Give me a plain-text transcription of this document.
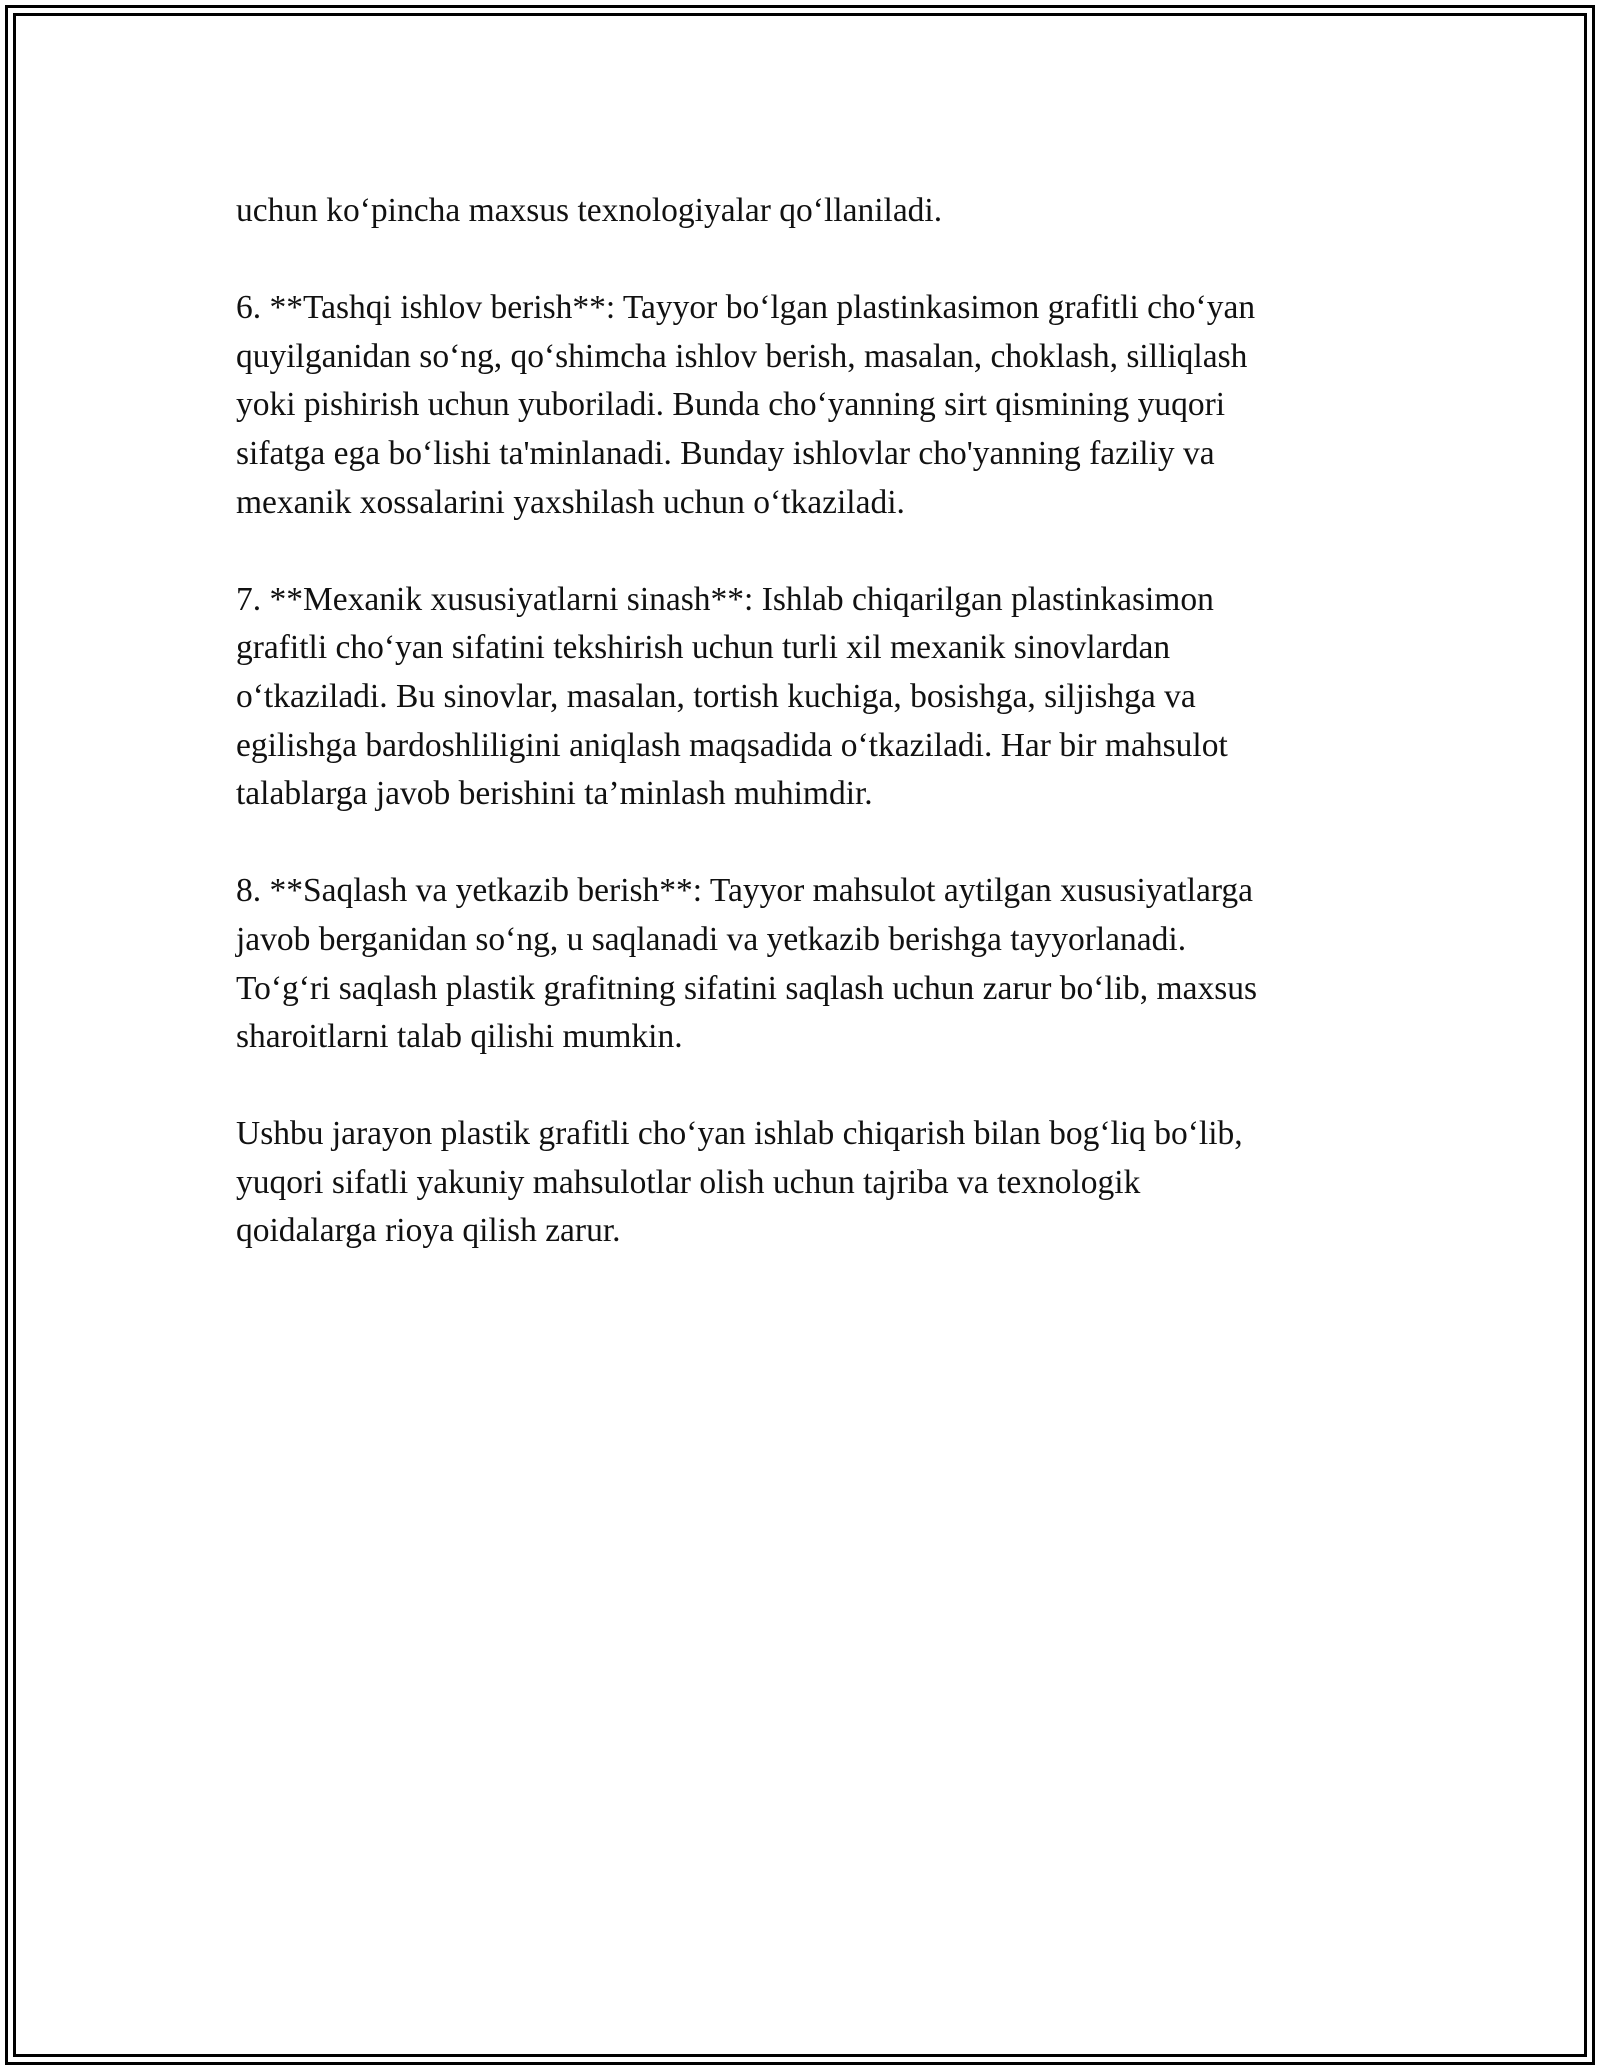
uchun ko‘pincha maxsus texnologiyalar qo‘llaniladi.

6. **Tashqi ishlov berish**: Tayyor bo‘lgan plastinkasimon grafitli cho‘yan
quyilganidan so‘ng, qo‘shimcha ishlov berish, masalan, choklash, silliqlash
yoki pishirish uchun yuboriladi. Bunda cho‘yanning sirt qismining yuqori
sifatga ega bo‘lishi ta'minlanadi. Bunday ishlovlar cho'yanning faziliy va
mexanik xossalarini yaxshilash uchun o‘tkaziladi.

7. **Mexanik xususiyatlarni sinash**: Ishlab chiqarilgan plastinkasimon
grafitli cho‘yan sifatini tekshirish uchun turli xil mexanik sinovlardan
o‘tkaziladi. Bu sinovlar, masalan, tortish kuchiga, bosishga, siljishga va
egilishga bardoshliligini aniqlash maqsadida o‘tkaziladi. Har bir mahsulot
talablarga javob berishini ta’minlash muhimdir.

8. **Saqlash va yetkazib berish**: Tayyor mahsulot aytilgan xususiyatlarga
javob berganidan so‘ng, u saqlanadi va yetkazib berishga tayyorlanadi.
To‘g‘ri saqlash plastik grafitning sifatini saqlash uchun zarur bo‘lib, maxsus
sharoitlarni talab qilishi mumkin.

Ushbu jarayon plastik grafitli cho‘yan ishlab chiqarish bilan bog‘liq bo‘lib,
yuqori sifatli yakuniy mahsulotlar olish uchun tajriba va texnologik
qoidalarga rioya qilish zarur.
